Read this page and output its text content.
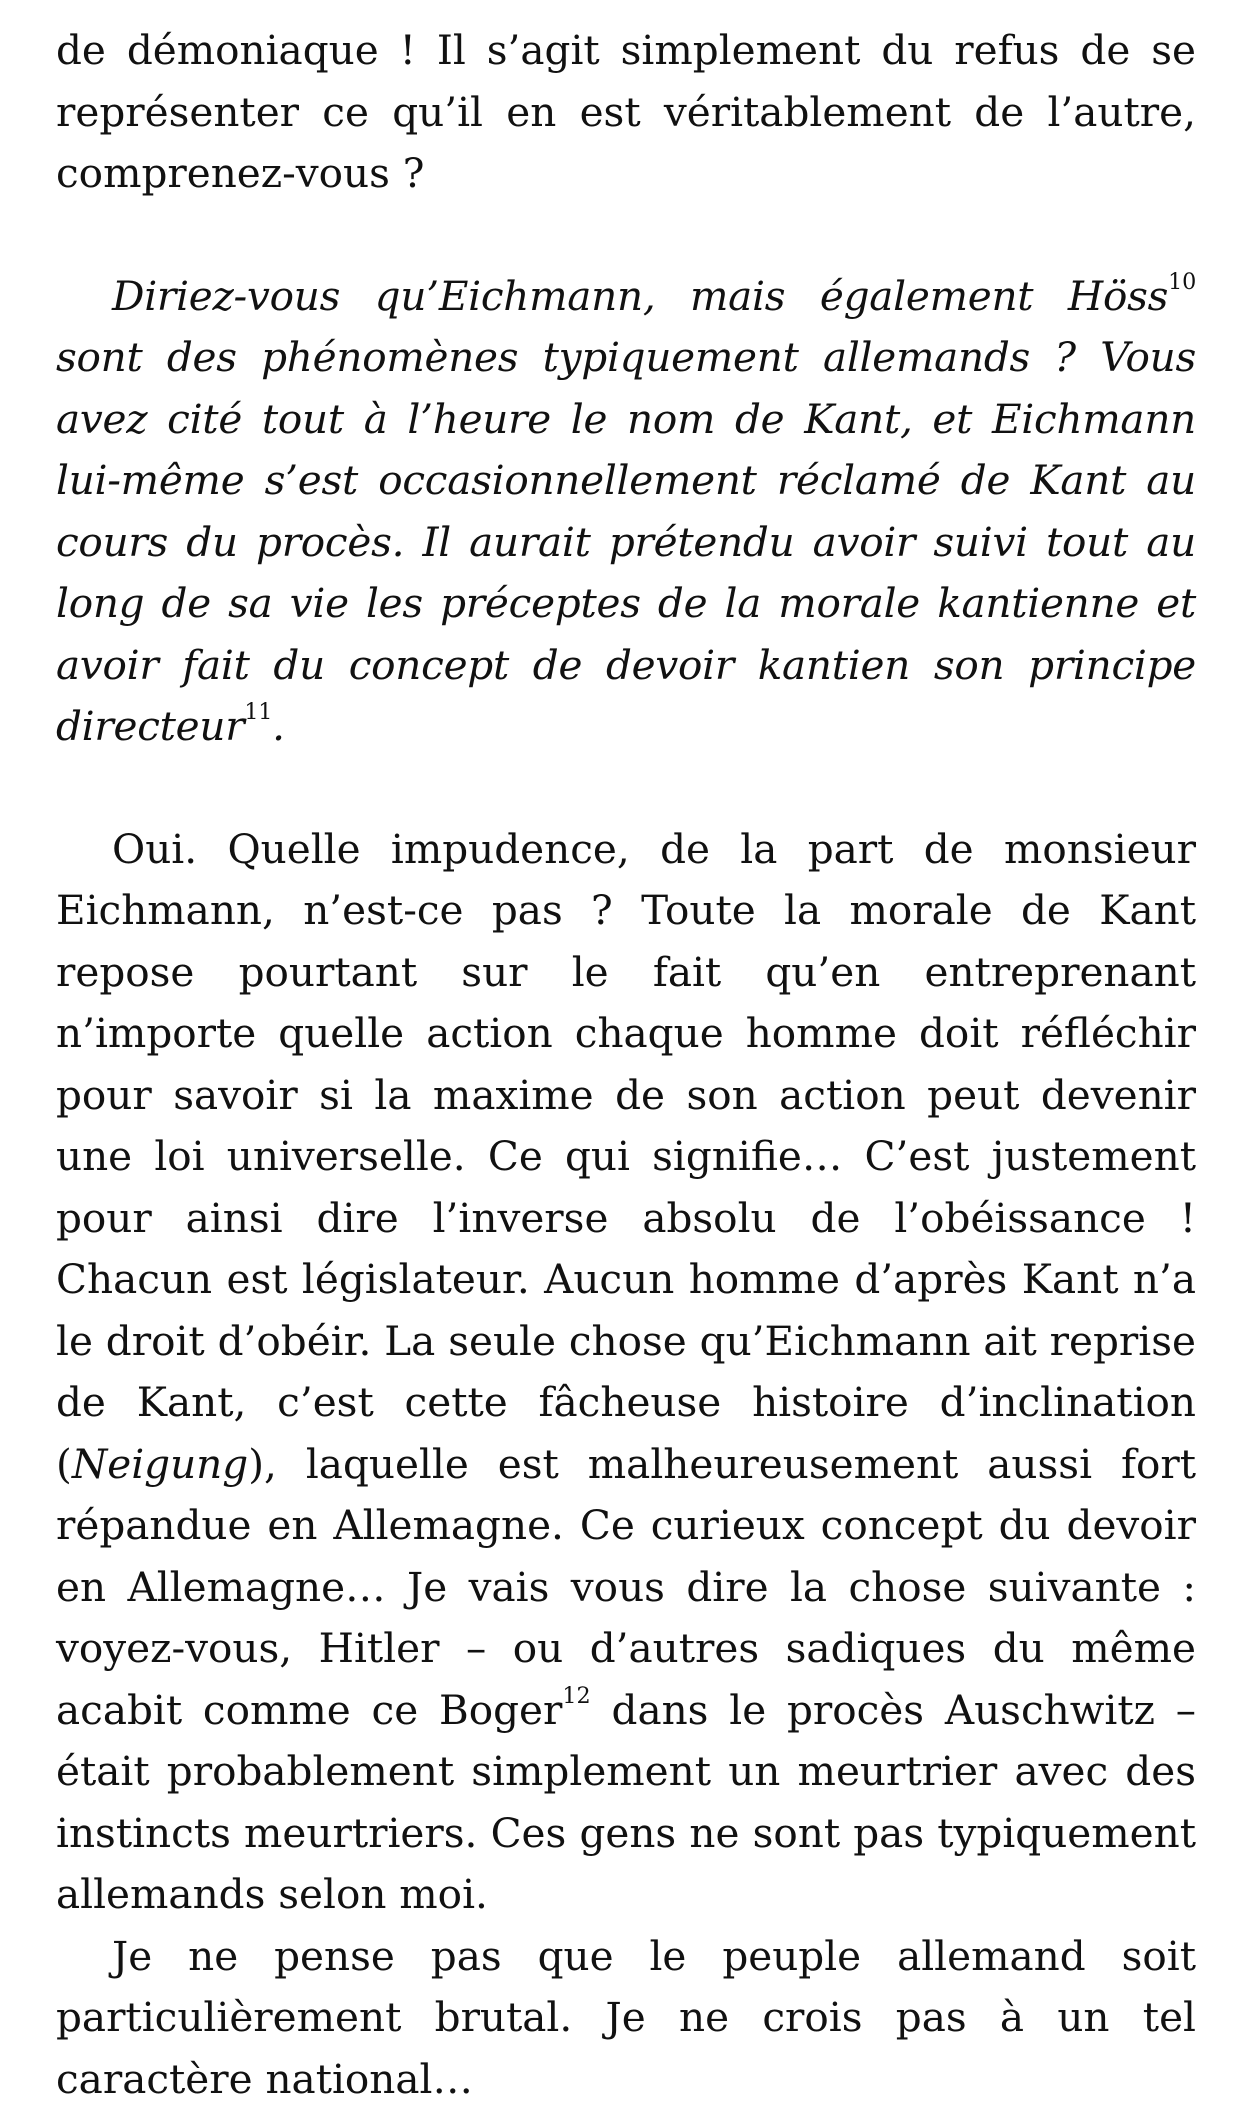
de démoniaque ! Il s’agit simplement du refus de se représenter ce qu’il en est véritablement de l’autre, comprenez-vous ?

Diriez-vous qu’Eichmann, mais également Höss$^{10}$ sont des phénomènes typiquement allemands ? Vous avez cité tout à l’heure le nom de Kant, et Eichmann lui-même s’est occasionnellement réclamé de Kant au cours du procès. Il aurait prétendu avoir suivi tout au long de sa vie les préceptes de la morale kantienne et avoir fait du concept de devoir kantien son principe directeur$^{11}$.

Oui. Quelle impudence, de la part de monsieur Eichmann, n’est-ce pas ? Toute la morale de Kant repose pourtant sur le fait qu’en entreprenant n’importe quelle action chaque homme doit réfléchir pour savoir si la maxime de son action peut devenir une loi universelle. Ce qui signifie… C’est justement pour ainsi dire l’inverse absolu de l’obéissance ! Chacun est législateur. Aucun homme d’après Kant n’a le droit d’obéir. La seule chose qu’Eichmann ait reprise de Kant, c’est cette fâcheuse histoire d’inclination (Neigung), laquelle est malheureusement aussi fort répandue en Allemagne. Ce curieux concept du devoir en Allemagne… Je vais vous dire la chose suivante : voyez-vous, Hitler – ou d’autres sadiques du même acabit comme ce Boger$^{12}$ dans le procès Auschwitz – était probablement simplement un meurtrier avec des instincts meurtriers. Ces gens ne sont pas typiquement allemands selon moi.

Je ne pense pas que le peuple allemand soit particulièrement brutal. Je ne crois pas à un tel caractère national…
